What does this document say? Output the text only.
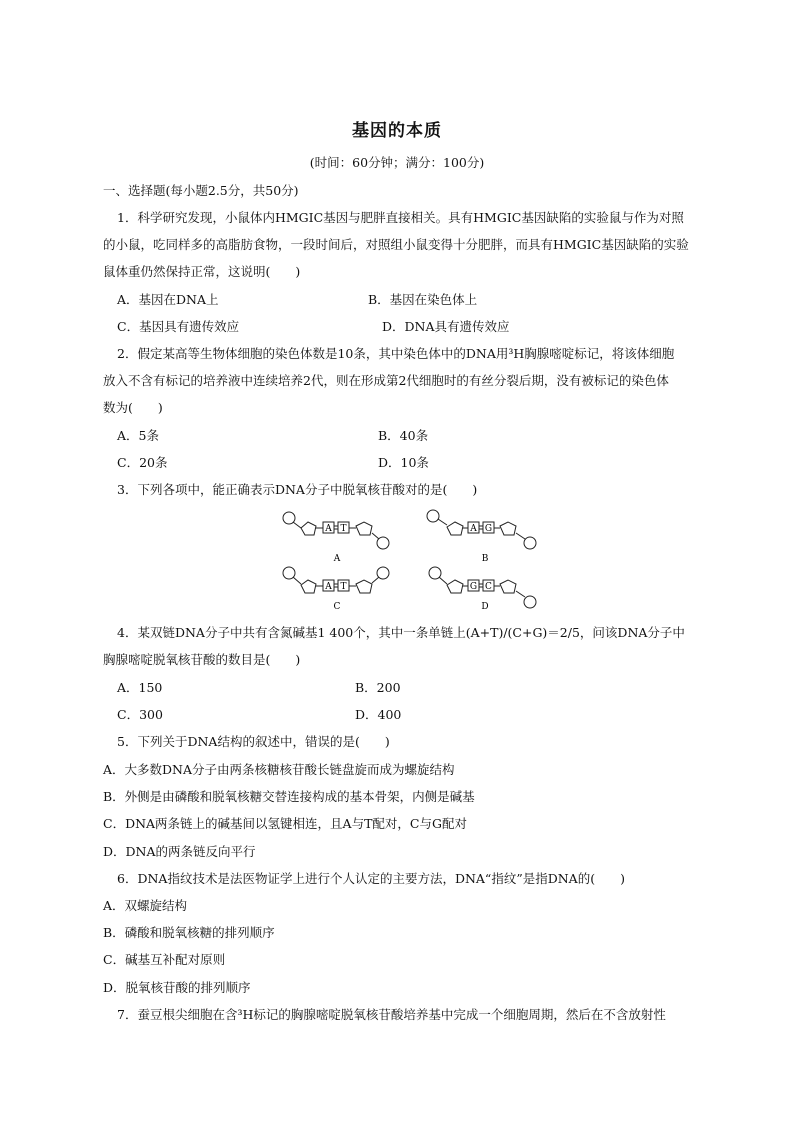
基因的本质
(时间：60分钟；满分：100分)
一、选择题(每小题2.5分，共50分)
1．科学研究发现，小鼠体内HMGIC基因与肥胖直接相关。具有HMGIC基因缺陷的实验鼠与作为对照
的小鼠，吃同样多的高脂肪食物，一段时间后，对照组小鼠变得十分肥胖，而具有HMGIC基因缺陷的实验
鼠体重仍然保持正常，这说明(　　)
A．基因在DNA上	B．基因在染色体上
C．基因具有遗传效应	D．DNA具有遗传效应
2．假定某高等生物体细胞的染色体数是10条，其中染色体中的DNA用³H胸腺嘧啶标记，将该体细胞
放入不含有标记的培养液中连续培养2代，则在形成第2代细胞时的有丝分裂后期，没有被标记的染色体
数为(　　)
A．5条	B．40条
C．20条	D．10条
3．下列各项中，能正确表示DNA分子中脱氧核苷酸对的是(　　)
A T
A
A G
B
A T
C
G C
D
4．某双链DNA分子中共有含氮碱基1 400个，其中一条单链上(A+T)/(C+G)＝2/5，问该DNA分子中
胸腺嘧啶脱氧核苷酸的数目是(　　)
A．150	B．200
C．300	D．400
5．下列关于DNA结构的叙述中，错误的是(　　)
A．大多数DNA分子由两条核糖核苷酸长链盘旋而成为螺旋结构
B．外侧是由磷酸和脱氧核糖交替连接构成的基本骨架，内侧是碱基
C．DNA两条链上的碱基间以氢键相连，且A与T配对，C与G配对
D．DNA的两条链反向平行
6．DNA指纹技术是法医物证学上进行个人认定的主要方法，DNA“指纹”是指DNA的(　　)
A．双螺旋结构
B．磷酸和脱氧核糖的排列顺序
C．碱基互补配对原则
D．脱氧核苷酸的排列顺序
7．蚕豆根尖细胞在含³H标记的胸腺嘧啶脱氧核苷酸培养基中完成一个细胞周期，然后在不含放射性
